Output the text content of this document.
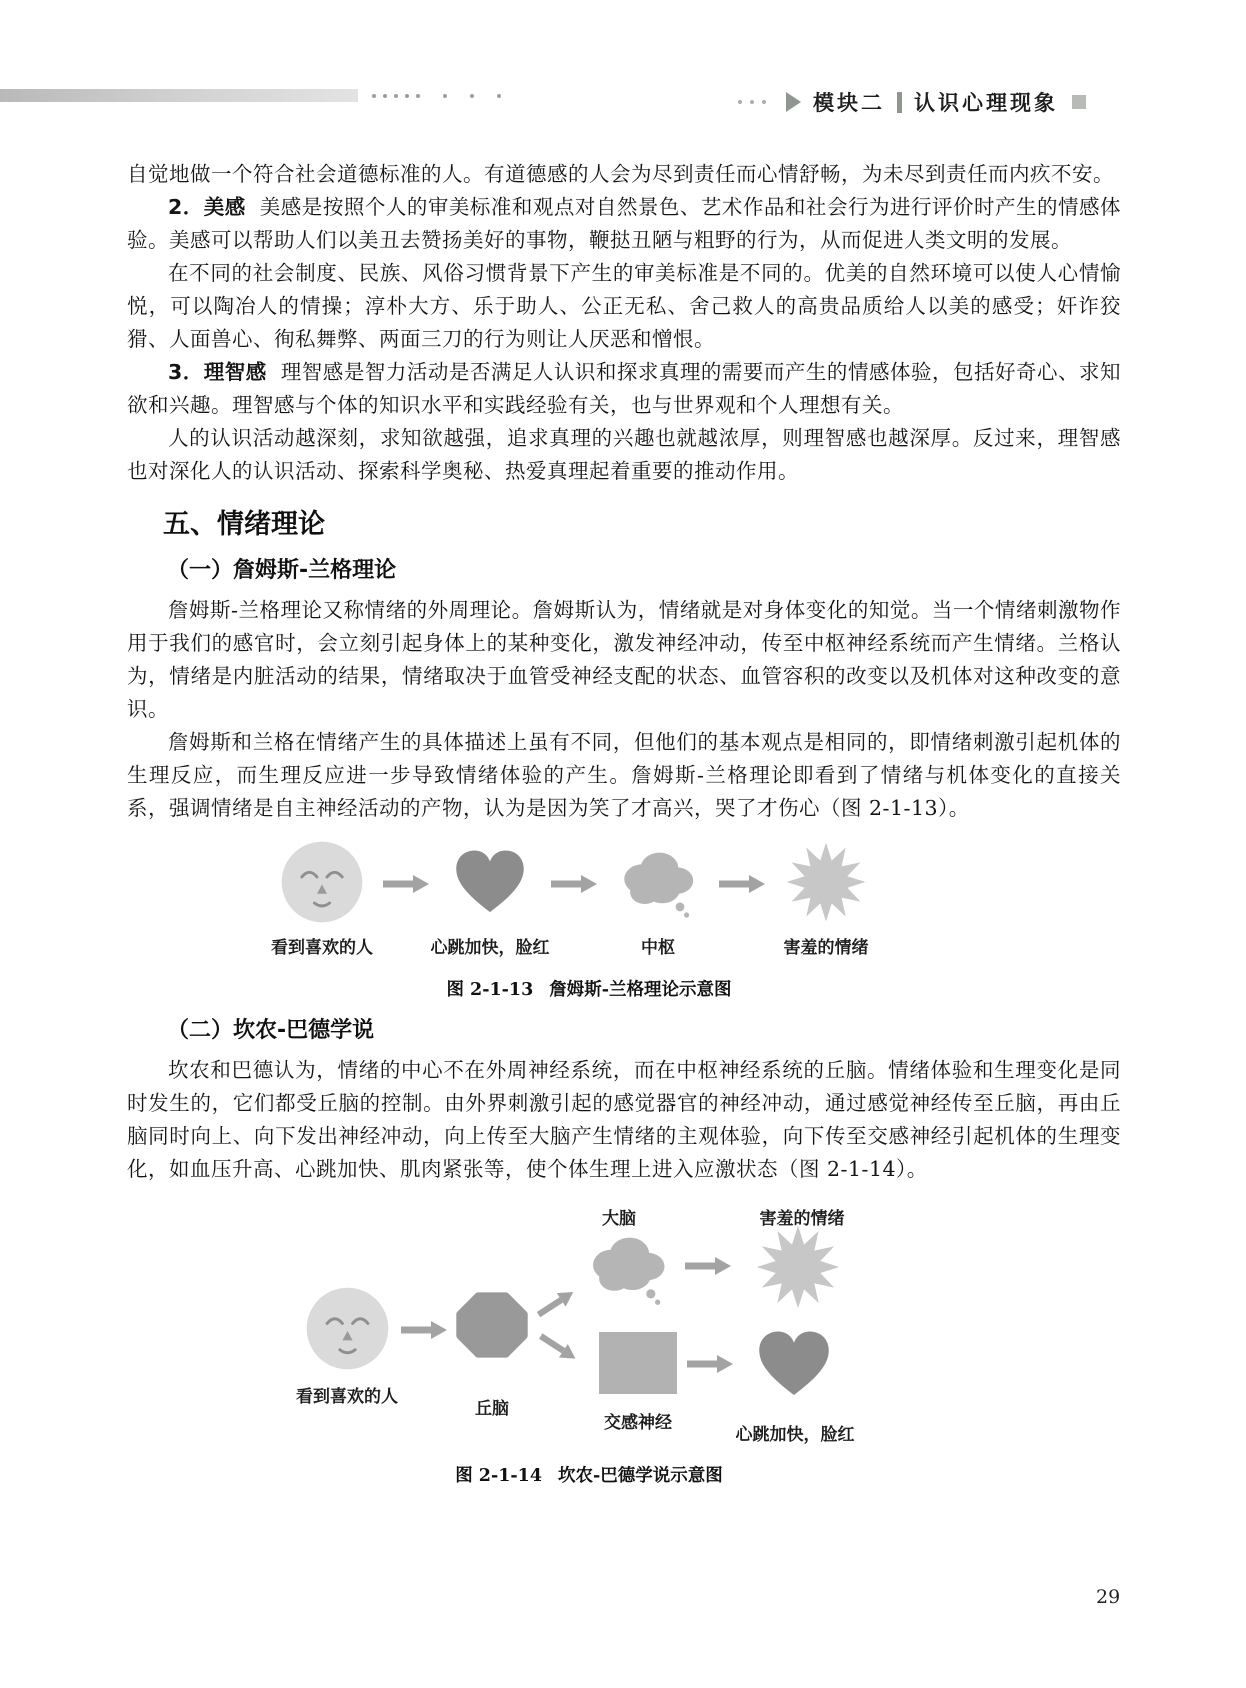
模块二 认识心理现象

自觉地做一个符合社会道德标准的人。有道德感的人会为尽到责任而心情舒畅，为未尽到责任而内疚不安。

2．美感 美感是按照个人的审美标准和观点对自然景色、艺术作品和社会行为进行评价时产生的情感体验。美感可以帮助人们以美丑去赞扬美好的事物，鞭挞丑陋与粗野的行为，从而促进人类文明的发展。

在不同的社会制度、民族、风俗习惯背景下产生的审美标准是不同的。优美的自然环境可以使人心情愉悦，可以陶冶人的情操；淳朴大方、乐于助人、公正无私、舍己救人的高贵品质给人以美的感受；奸诈狡猾、人面兽心、徇私舞弊、两面三刀的行为则让人厌恶和憎恨。

3．理智感 理智感是智力活动是否满足人认识和探求真理的需要而产生的情感体验，包括好奇心、求知欲和兴趣。理智感与个体的知识水平和实践经验有关，也与世界观和个人理想有关。

人的认识活动越深刻，求知欲越强，追求真理的兴趣也就越浓厚，则理智感也越深厚。反过来，理智感也对深化人的认识活动、探索科学奥秘、热爱真理起着重要的推动作用。

五、情绪理论
（一）詹姆斯-兰格理论

詹姆斯-兰格理论又称情绪的外周理论。詹姆斯认为，情绪就是对身体变化的知觉。当一个情绪刺激物作用于我们的感官时，会立刻引起身体上的某种变化，激发神经冲动，传至中枢神经系统而产生情绪。兰格认为，情绪是内脏活动的结果，情绪取决于血管受神经支配的状态、血管容积的改变以及机体对这种改变的意识。

詹姆斯和兰格在情绪产生的具体描述上虽有不同，但他们的基本观点是相同的，即情绪刺激引起机体的生理反应，而生理反应进一步导致情绪体验的产生。詹姆斯-兰格理论即看到了情绪与机体变化的直接关系，强调情绪是自主神经活动的产物，认为是因为笑了才高兴，哭了才伤心（图 2-1-13）。

看到喜欢的人	心跳加快，脸红	中枢	害羞的情绪
图 2-1-13 詹姆斯-兰格理论示意图
（二）坎农-巴德学说

坎农和巴德认为，情绪的中心不在外周神经系统，而在中枢神经系统的丘脑。情绪体验和生理变化是同时发生的，它们都受丘脑的控制。由外界刺激引起的感觉器官的神经冲动，通过感觉神经传至丘脑，再由丘脑同时向上、向下发出神经冲动，向上传至大脑产生情绪的主观体验，向下传至交感神经引起机体的生理变化，如血压升高、心跳加快、肌肉紧张等，使个体生理上进入应激状态（图 2-1-14）。

大脑	害羞的情绪
看到喜欢的人
丘脑
交感神经
心跳加快，脸红
图 2-1-14 坎农-巴德学说示意图
29
